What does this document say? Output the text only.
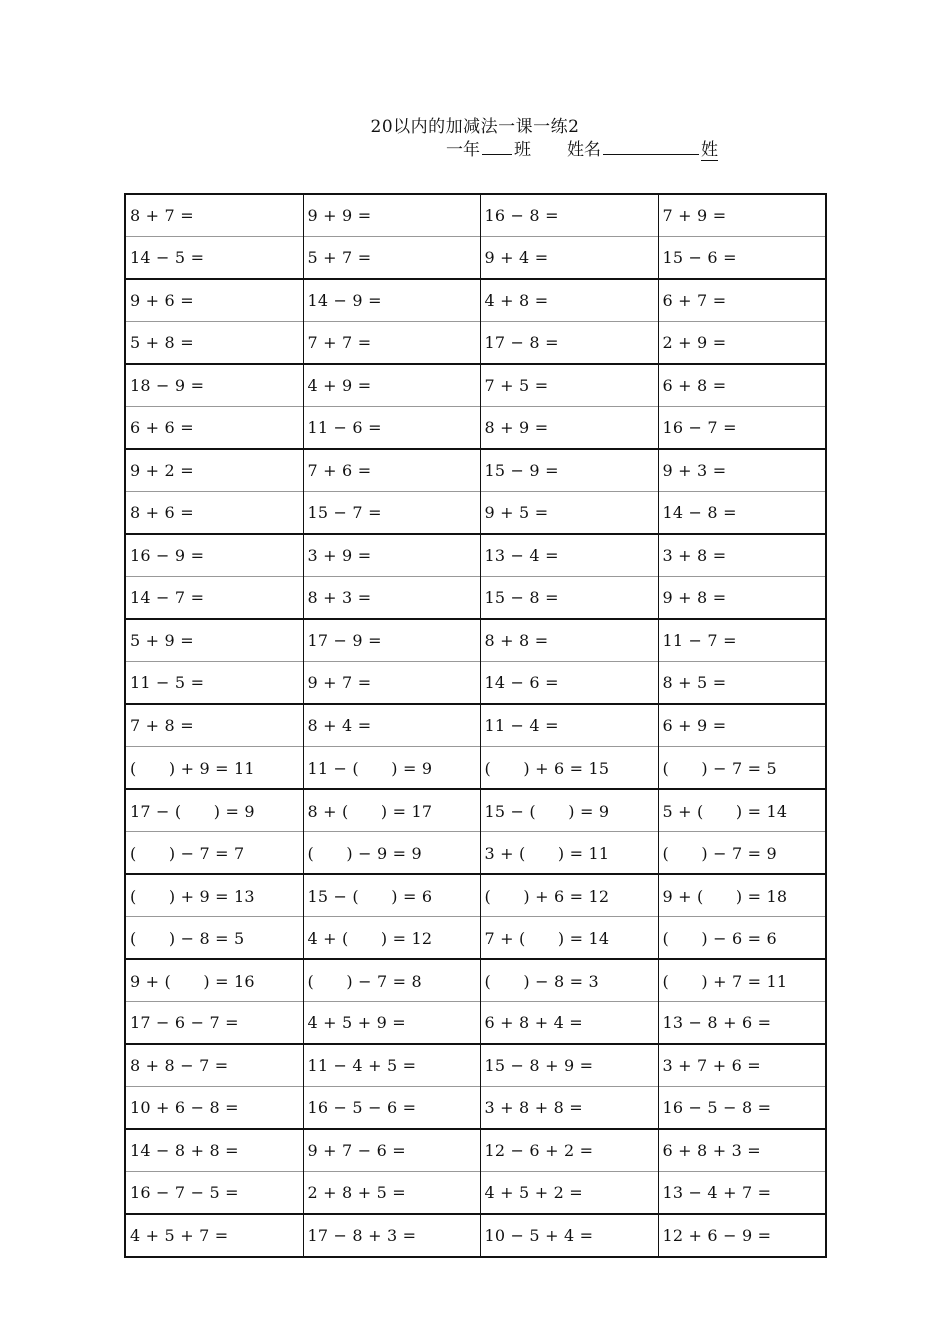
20以内的加减法一课一练2
一年 班 姓名	姓
8 + 7 =	9 + 9 =	16 − 8 =	7 + 9 =
14 − 5 =	5 + 7 =	9 + 4 =	15 − 6 =
9 + 6 =	14 − 9 =	4 + 8 =	6 + 7 =
5 + 8 =	7 + 7 =	17 − 8 =	2 + 9 =
18 − 9 =	4 + 9 =	7 + 5 =	6 + 8 =
6 + 6 =	11 − 6 =	8 + 9 =	16 − 7 =
9 + 2 =	7 + 6 =	15 − 9 =	9 + 3 =
8 + 6 =	15 − 7 =	9 + 5 =	14 − 8 =
16 − 9 =	3 + 9 =	13 − 4 =	3 + 8 =
14 − 7 =	8 + 3 =	15 − 8 =	9 + 8 =
5 + 9 =	17 − 9 =	8 + 8 =	11 − 7 =
11 − 5 =	9 + 7 =	14 − 6 =	8 + 5 =
7 + 8 =	8 + 4 =	11 − 4 =	6 + 9 =
(　　) + 9 = 11	11 − (　　) = 9	(　　) + 6 = 15	(　　) − 7 = 5
17 − (　　) = 9	8 + (　　) = 17	15 − (　　) = 9	5 + (　　) = 14
(　　) − 7 = 7	(　　) − 9 = 9	3 + (　　) = 11	(　　) − 7 = 9
(　　) + 9 = 13	15 − (　　) = 6	(　　) + 6 = 12	9 + (　　) = 18
(　　) − 8 = 5	4 + (　　) = 12	7 + (　　) = 14	(　　) − 6 = 6
9 + (　　) = 16	(　　) − 7 = 8	(　　) − 8 = 3	(　　) + 7 = 11
17 − 6 − 7 =	4 + 5 + 9 =	6 + 8 + 4 =	13 − 8 + 6 =
8 + 8 − 7 =	11 − 4 + 5 =	15 − 8 + 9 =	3 + 7 + 6 =
10 + 6 − 8 =	16 − 5 − 6 =	3 + 8 + 8 =	16 − 5 − 8 =
14 − 8 + 8 =	9 + 7 − 6 =	12 − 6 + 2 =	6 + 8 + 3 =
16 − 7 − 5 =	2 + 8 + 5 =	4 + 5 + 2 =	13 − 4 + 7 =
4 + 5 + 7 =	17 − 8 + 3 =	10 − 5 + 4 =	12 + 6 − 9 =
